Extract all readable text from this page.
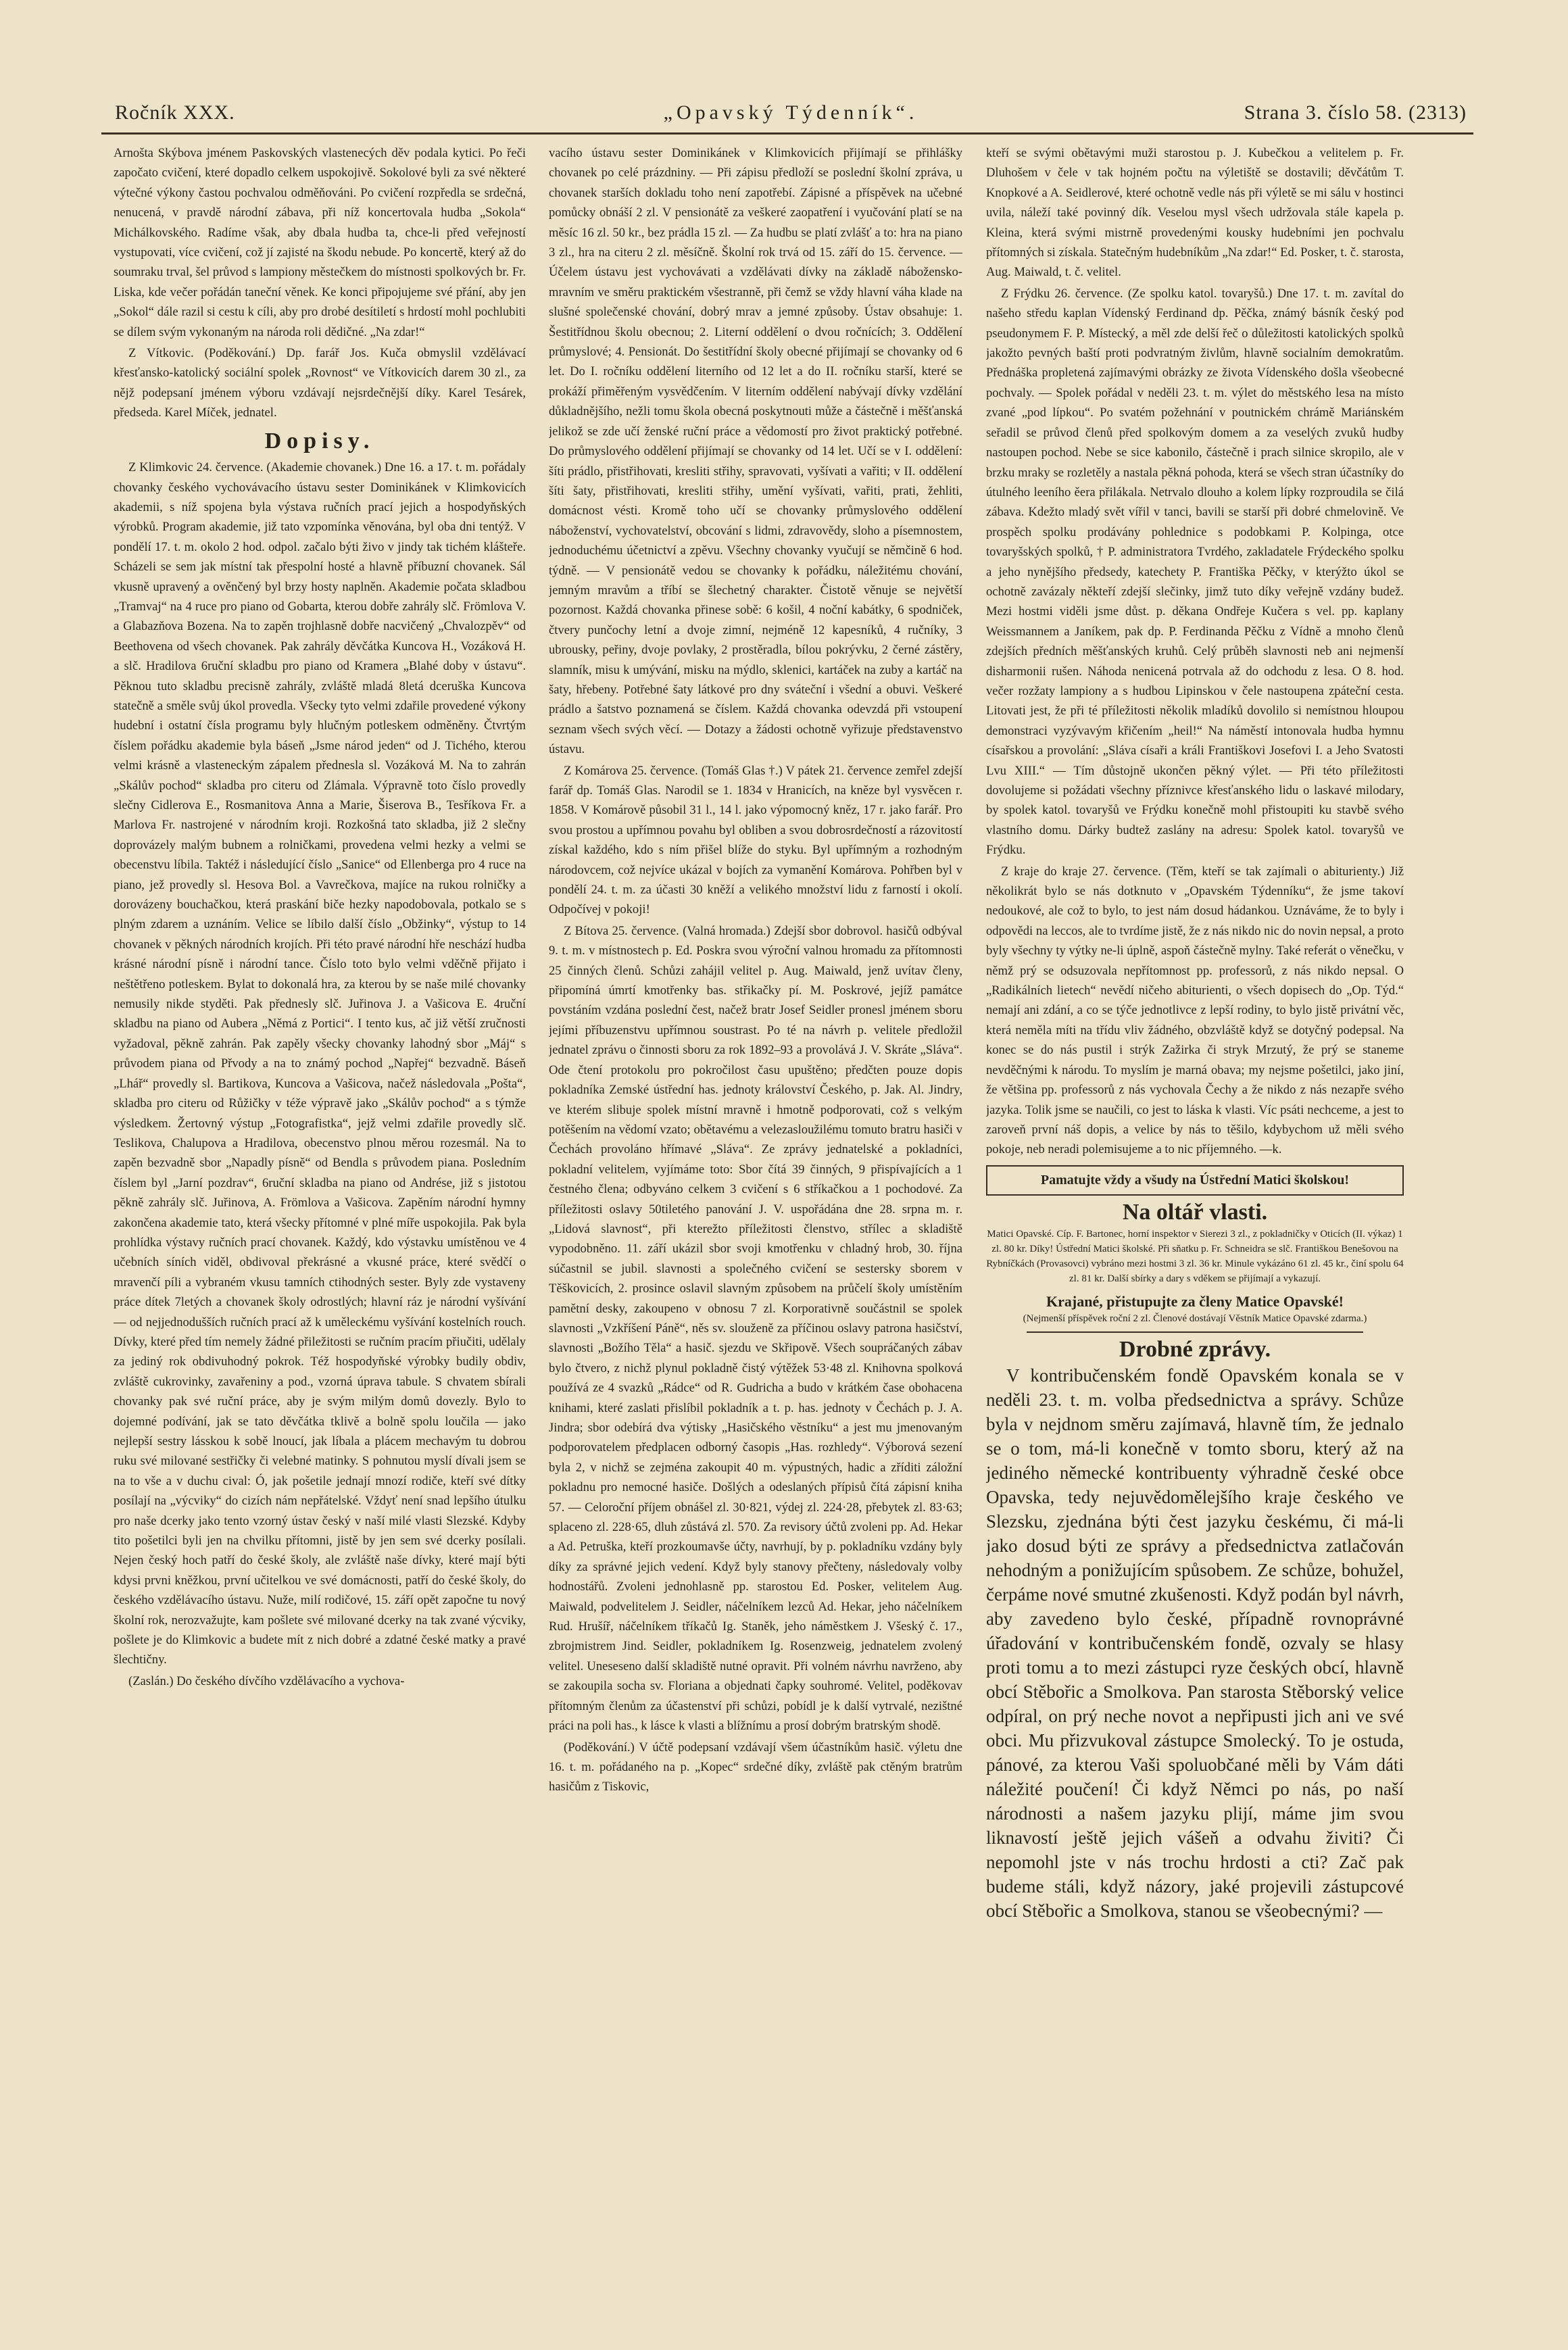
Ročník XXX.	„Opavský Týdenník“.	Strana 3. číslo 58. (2313)

Arnošta Skýbova jménem Paskovských vlastenecých děv podala kytici. Po řeči započato cvičení, které dopadlo celkem uspokojivě. Sokolové byli za své některé výtečné výkony častou pochvalou odměňováni. Po cvičení rozpředla se srdečná, nenucená, v pravdě národní zábava, při níž koncertovala hudba „Sokola“ Michálkovského. Radíme však, aby dbala hudba ta, chce-li před veřejností vystupovati, více cvičení, což jí zajisté na škodu nebude. Po koncertě, který až do soumraku trval, šel průvod s lampiony městečkem do místnosti spolkových br. Fr. Liska, kde večer pořádán taneční věnek. Ke konci připojujeme své přání, aby jen „Sokol“ dále razil si cestu k cíli, aby pro drobé desítiletí s hrdostí mohl pochlubiti se dílem svým vykonaným na národa roli dědičné. „Na zdar!“

Z Vítkovic. (Poděkování.) Dp. farář Jos. Kuča obmyslil vzdělávací křesťansko-katolický sociální spolek „Rovnost“ ve Vítkovicích darem 30 zl., za nějž podepsaní jménem výboru vzdávají nejsrdečnější díky. Karel Tesárek, předseda. Karel Míček, jednatel.

Dopisy.

Z Klimkovic 24. července. (Akademie chovanek.) Dne 16. a 17. t. m. pořádaly chovanky českého vychovávacího ústavu sester Dominikánek v Klimkovicích akademii, s níž spojena byla výstava ručních prací jejich a hospodyňských výrobků. Program akademie, již tato vzpomínka věnována, byl oba dni tentýž. V pondělí 17. t. m. okolo 2 hod. odpol. začalo býti živo v jindy tak tichém klášteře. Scházeli se sem jak místní tak přespolní hosté a hlavně příbuzní chovanek. Sál vkusně upravený a ověnčený byl brzy hosty naplněn. Akademie počata skladbou „Tramvaj“ na 4 ruce pro piano od Gobarta, kterou dobře zahrály slč. Frömlova V. a Glabazňova Bozena. Na to zapěn trojhlasně dobře nacvičený „Chvalozpěv“ od Beethovena od všech chovanek. Pak zahrály děvčátka Kuncova H., Vozáková H. a slč. Hradilova 6ruční skladbu pro piano od Kramera „Blahé doby v ústavu“. Pěknou tuto skladbu precisně zahrály, zvláště mladá 8letá dceruška Kuncova statečně a směle svůj úkol provedla. Všecky tyto velmi zdařile provedené výkony hudební i ostatní čísla programu byly hlučným potleskem odměněny. Čtvrtým číslem pořádku akademie byla báseň „Jsme národ jeden“ od J. Tichého, kterou velmi krásně a vlasteneckým zápalem přednesla sl. Vozáková M. Na to zahrán „Skálův pochod“ skladba pro citeru od Zlámala. Výpravně toto číslo provedly slečny Cidlerova E., Rosmanitova Anna a Marie, Šiserova B., Tesříkova Fr. a Marlova Fr. nastrojené v národním kroji. Rozkošná tato skladba, již 2 slečny doprovázely malým bubnem a rolničkami, provedena velmi hezky a velmi se obecenstvu líbila. Taktéž i následující číslo „Sanice“ od Ellenberga pro 4 ruce na piano, jež provedly sl. Hesova Bol. a Vavrečkova, majíce na rukou rolničky a dorovázeny bouchačkou, která praskání biče hezky napodobovala, potkalo se s plným zdarem a uznáním. Velice se líbilo další číslo „Obžinky“, výstup to 14 chovanek v pěkných národních krojích. Při této pravé národní hře neschází hudba krásné národní písně i národní tance. Číslo toto bylo velmi vděčně přijato i neštětřeno potleskem. Bylat to dokonalá hra, za kterou by se naše milé chovanky nemusily nikde styděti. Pak přednesly slč. Juřinova J. a Vašicova E. 4ruční skladbu na piano od Aubera „Němá z Portici“. I tento kus, ač již větší zručnosti vyžadoval, pěkně zahrán. Pak zapěly všecky chovanky lahodný sbor „Máj“ s průvodem piana od Přvody a na to známý pochod „Napřej“ bezvadně. Báseň „Lhář“ provedly sl. Bartikova, Kuncova a Vašicova, načež následovala „Pošta“, skladba pro citeru od Růžičky v téže výpravě jako „Skálův pochod“ a s týmže výsledkem. Žertovný výstup „Fotografistka“, jejž velmi zdařile provedly slč. Teslikova, Chalupova a Hradilova, obecenstvo plnou měrou rozesmál. Na to zapěn bezvadně sbor „Napadly písně“ od Bendla s průvodem piana. Posledním číslem byl „Jarní pozdrav“, 6ruční skladba na piano od Andrése, již s jistotou pěkně zahrály slč. Juřinova, A. Frömlova a Vašicova. Zapěním národní hymny zakončena akademie tato, která všecky přítomné v plné míře uspokojila. Pak byla prohlídka výstavy ručních prací chovanek. Každý, kdo výstavku umístěnou ve 4 učebních síních viděl, obdivoval překrásné a vkusné práce, které svědčí o mravenčí píli a vybraném vkusu tamních ctihodných sester. Byly zde vystaveny práce dítek 7letých a chovanek školy odrostlých; hlavní ráz je národní vyšívání — od nejjednodušších ručních prací až k uměleckému vyšívání kostelních rouch. Dívky, které před tím nemely žádné přiležitosti se ručním pracím přiučiti, udělaly za jediný rok obdivuhodný pokrok. Též hospodyňské výrobky budily obdiv, zvláště cukrovinky, zavařeniny a pod., vzorná úprava tabule. S chvatem sbírali chovanky pak své ruční práce, aby je svým milým domů dovezly. Bylo to dojemné podívání, jak se tato děvčátka tklivě a bolně spolu loučila — jako nejlepší sestry lásskou k sobě lnoucí, jak líbala a plácem mechavým tu dobrou ruku své milované sestřičky či velebné matinky. S pohnutou myslí dívali jsem se na to vše a v duchu cival: Ó, jak pošetile jednají mnozí rodiče, kteří své dítky posílají na „výcviky“ do cizích nám nepřátelské. Vždyť není snad lepšího útulku pro naše dcerky jako tento vzorný ústav český v naší milé vlasti Slezské. Kdyby tito pošetilci byli jen na chvilku přítomni, jistě by jen sem své dcerky posílali. Nejen český hoch patří do české školy, ale zvláště naše dívky, které mají býti kdysi prvni kněžkou, první učitelkou ve své domácnosti, patří do české školy, do českého vzdělávacího ústavu. Nuže, milí rodičové, 15. září opět započne tu nový školní rok, nerozvažujte, kam pošlete své milované dcerky na tak zvané výcviky, pošlete je do Klimkovic a budete mít z nich dobré a zdatné české matky a pravé šlechtičny.

(Zaslán.) Do českého dívčího vzdělávacího a vychova-

vacího ústavu sester Dominikánek v Klimkovicích přijímají se přihlášky chovanek po celé prázdniny. — Při zápisu předloží se poslední školní zpráva, u chovanek starších dokladu toho není zapotřebí. Zápisné a příspěvek na učebné pomůcky obnáší 2 zl. V pensionátě za veškeré zaopatření i vyučování platí se na měsíc 16 zl. 50 kr., bez prádla 15 zl. — Za hudbu se platí zvlášť a to: hra na piano 3 zl., hra na citeru 2 zl. měsíčně. Školní rok trvá od 15. září do 15. července. — Účelem ústavu jest vychovávati a vzdělávati dívky na základě nábožensko-mravním ve směru praktickém všestranně, při čemž se vždy hlavní váha klade na slušné společenské chování, dobrý mrav a jemné způsoby. Ústav obsahuje: 1. Šestitřídnou školu obecnou; 2. Literní oddělení o dvou ročnících; 3. Oddělení průmyslové; 4. Pensionát. Do šestitřídní školy obecné přijímají se chovanky od 6 let. Do I. ročníku oddělení literního od 12 let a do II. ročníku starší, které se prokáží přiměřeným vysvědčením. V literním oddělení nabývají dívky vzdělání důkladnějšího, nežli tomu škola obecná poskytnouti může a částečně i měšťanská jelikož se zde učí ženské ruční práce a vědomostí pro život praktický potřebné. Do průmyslového oddělení přijímají se chovanky od 14 let. Učí se v I. oddělení: šíti prádlo, přistřihovati, kresliti střihy, spravovati, vyšívati a vařiti; v II. oddělení šíti šaty, přistřihovati, kresliti střihy, umění vyšívati, vařiti, prati, žehliti, domácnost vésti. Kromě toho učí se chovanky průmyslového oddělení náboženství, vychovatelství, obcování s lidmi, zdravovědy, sloho a písemnostem, jednoduchému účetnictví a zpěvu. Všechny chovanky vyučují se němčině 6 hod. týdně. — V pensionátě vedou se chovanky k pořádku, náležitému chování, jemným mravům a tříbí se šlechetný charakter. Čistotě věnuje se největší pozornost. Každá chovanka přinese sobě: 6 košil, 4 noční kabátky, 6 spodniček, čtvery punčochy letní a dvoje zimní, nejméně 12 kapesníků, 4 ručníky, 3 ubrousky, peřiny, dvoje povlaky, 2 prostěradla, bílou pokrývku, 2 černé zástěry, slamník, misu k umývání, misku na mýdlo, sklenici, kartáček na zuby a kartáč na šaty, hřebeny. Potřebné šaty látkové pro dny sváteční i všední a obuvi. Veškeré prádlo a šatstvo poznamená se číslem. Každá chovanka odevzdá při vstoupení seznam všech svých věcí. — Dotazy a žádosti ochotně vyřizuje představenstvo ústavu.

Z Komárova 25. července. (Tomáš Glas †.) V pátek 21. července zemřel zdejší farář dp. Tomáš Glas. Narodil se 1. 1834 v Hranicích, na kněze byl vysvěcen r. 1858. V Komárově působil 31 l., 14 l. jako výpomocný kněz, 17 r. jako farář. Pro svou prostou a upřímnou povahu byl obliben a svou dobrosrdečností a rázovitostí získal každého, kdo s ním přišel blíže do styku. Byl upřímným a rozhodným národovcem, což nejvíce ukázal v bojích za vymanění Komárova. Pohřben byl v pondělí 24. t. m. za účasti 30 kněží a velikého množství lidu z farností i okolí. Odpočívej v pokoji!

Z Bítova 25. července. (Valná hromada.) Zdejší sbor dobrovol. hasičů odbýval 9. t. m. v místnostech p. Ed. Poskra svou výroční valnou hromadu za přítomnosti 25 činných členů. Schůzi zahájil velitel p. Aug. Maiwald, jenž uvítav členy, připomíná úmrtí kmotřenky bas. střikačky pí. M. Poskrové, jejíž památce povstáním vzdána poslední čest, načež bratr Josef Seidler pronesl jménem sboru jejími příbuzenstvu upřímnou soustrast. Po té na návrh p. velitele předložil jednatel zprávu o činnosti sboru za rok 1892–93 a provolává J. V. Skráte „Sláva“. Ode čtení protokolu pro pokročilost času upuštěno; předčten pouze dopis pokladníka Zemské ústřední has. jednoty království Českého, p. Jak. Al. Jindry, ve kterém slibuje spolek místní mravně i hmotně podporovati, což s velkým potěšením na vědomí vzato; obětavému a velezasloužilému tomuto bratru hasiči v Čechách provoláno hřímavé „Sláva“. Ze zprávy jednatelské a pokladníci, pokladní velitelem, vyjímáme toto: Sbor čítá 39 činných, 9 přispívajících a 1 čestného člena; odbyváno celkem 3 cvičení s 6 stříkačkou a 1 pochodové. Za příležitosti oslavy 50tiletého panování J. V. uspořádána dne 28. srpna m. r. „Lidová slavnost“, při kterežto příležitosti členstvo, střílec a skladiště vypodobněno. 11. září ukázil sbor svoji kmotřenku v chladný hrob, 30. října súčastnil se jubil. slavnosti a společného cvičení se sestersky sborem v Těškovicích, 2. prosince oslavil slavným způsobem na průčelí školy umístěním pamětní desky, zakoupeno v obnosu 7 zl. Korporativně součástnil se spolek slavnosti „Vzkříšení Páně“, něs sv. slouženě za příčinou oslavy patrona hasičství, slavnosti „Božího Těla“ a hasič. sjezdu ve Skřipově. Všech soupráčaných zábav bylo čtvero, z nichž plynul pokladně čistý výtěžek 53·48 zl. Knihovna spolková používá ze 4 svazků „Rádce“ od R. Gudricha a budo v krátkém čase obohacena knihami, které zaslati přislíbil pokladník a t. p. has. jednoty v Čechách p. J. A. Jindra; sbor odebírá dva výtisky „Hasičského věstníku“ a jest mu jmenovaným podporovatelem předplacen odborný časopis „Has. rozhledy“. Výborová sezení byla 2, v nichž se zejména zakoupit 40 m. výpustných, hadic a zříditi záložní pokladnu pro nemocné hasiče. Došlých a odeslaných přípisů čítá zápisní kniha 57. — Celoroční příjem obnášel zl. 30·821, výdej zl. 224·28, přebytek zl. 83·63; splaceno zl. 228·65, dluh zůstává zl. 570. Za revisory účtů zvoleni pp. Ad. Hekar a Ad. Petruška, kteří prozkoumavše účty, navrhují, by p. pokladníku vzdány byly díky za správné jejich vedení. Když byly stanovy přečteny, následovaly volby hodnostářů. Zvoleni jednohlasně pp. starostou Ed. Posker, velitelem Aug. Maiwald, podvelitelem J. Seidler, náčelníkem lezců Ad. Hekar, jeho náčelníkem Rud. Hrušíř, náčelníkem tříkačů Ig. Staněk, jeho náměstkem J. Všeský č. 17., zbrojmistrem Jind. Seidler, pokladníkem Ig. Rosenzweig, jednatelem zvolený velitel. Uneseseno další skladiště nutné opravit. Při volném návrhu navrženo, aby se zakoupila socha sv. Floriana a objednati čapky souhromé. Velitel, poděkovav přítomným členům za účastenství při schůzi, pobídl je k další vytrvalé, nezištné práci na poli has., k lásce k vlasti a blížnímu a prosí dobrým bratrským shodě.

(Poděkování.) V účtě podepsaní vzdávají všem účastníkům hasič. výletu dne 16. t. m. pořádaného na p. „Kopec“ srdečné díky, zvláště pak ctěným bratrům hasičům z Tiskovic,

kteří se svými obětavými muži starostou p. J. Kubečkou a velitelem p. Fr. Dluhošem v čele v tak hojném počtu na výletiště se dostavili; děvčátům T. Knopkové a A. Seidlerové, které ochotně vedle nás při výletě se mi sálu v hostinci uvila, náleží také povinný dík. Veselou mysl všech udržovala stále kapela p. Kleina, která svými mistrně provedenými kousky hudebními jen pochvalu přítomných si získala. Statečným hudebníkům „Na zdar!“ Ed. Posker, t. č. starosta, Aug. Maiwald, t. č. velitel.

Z Frýdku 26. července. (Ze spolku katol. tovaryšů.) Dne 17. t. m. zavítal do našeho středu kaplan Vídenský Ferdinand dp. Pěčka, známý básník český pod pseudonymem F. P. Místecký, a měl zde delší řeč o důležitosti katolických spolků jakožto pevných baští proti podvratným živlům, hlavně socialním demokratům. Přednáška propletená zajímavými obrázky ze života Vídenského došla všeobecné pochvaly. — Spolek pořádal v neděli 23. t. m. výlet do městského lesa na místo zvané „pod lípkou“. Po svatém požehnání v poutnickém chrámě Mariánském seřadil se průvod členů před spolkovým domem a za veselých zvuků hudby nastoupen pochod. Nebe se sice kabonilo, částečně i prach silnice skropilo, ale v brzku mraky se rozletěly a nastala pěkná pohoda, která se všech stran účastníky do útulného leeního ěera přilákala. Netrvalo dlouho a kolem lípky rozproudila se čilá zábava. Kdežto mladý svět vířil v tanci, bavili se starší při dobré chmelovině. Ve prospěch spolku prodávány pohlednice s podobkami P. Kolpinga, otce tovaryšských spolků, † P. administratora Tvrdého, zakladatele Frýdeckého spolku a jeho nynějšího předsedy, katechety P. Františka Pěčky, v kterýžto úkol se ochotně zavázaly někteří zdejší slečinky, jimž tuto díky veřejně vzdány budež. Mezi hostmi viděli jsme důst. p. děkana Ondřeje Kučera s vel. pp. kaplany Weissmannem a Janíkem, pak dp. P. Ferdinanda Pěčku z Vídně a mnoho členů zdejších předních měšťanských kruhů. Celý průběh slavnosti neb ani nejmenší disharmonii rušen. Náhoda nenicená potrvala až do odchodu z lesa. O 8. hod. večer rozžaty lampiony a s hudbou Lipinskou v čele nastoupena zpáteční cesta. Litovati jest, že při té příležitosti několik mladíků dovolilo si nemístnou hloupou demonstraci vyzývavým křičením „heil!“ Na náměstí intonovala hudba hymnu císařskou a provolání: „Sláva císaři a králi Františkovi Josefovi I. a Jeho Svatosti Lvu XIII.“ — Tím důstojně ukončen pěkný výlet. — Při této příležitosti dovolujeme si požádati všechny příznivce křesťanského lidu o laskavé milodary, by spolek katol. tovaryšů ve Frýdku konečně mohl přistoupiti ku stavbě svého vlastního domu. Dárky budtež zaslány na adresu: Spolek katol. tovaryšů ve Frýdku.

Z kraje do kraje 27. července. (Těm, kteří se tak zajímali o abiturienty.) Již několikrát bylo se nás dotknuto v „Opavském Týdenníku“, že jsme takoví nedoukové, ale což to bylo, to jest nám dosud hádankou. Uznáváme, že to byly i odpovědi na leccos, ale to tvrdíme jistě, že z nás nikdo nic do novin nepsal, a proto byly všechny ty výtky ne-li úplně, aspoň částečně mylny. Také referát o věnečku, v němž prý se odsuzovala nepřítomnost pp. professorů, z nás nikdo nepsal. O „Radikálních lietech“ nevědí ničeho abiturienti, o všech dopisech do „Op. Týd.“ nemají ani zdání, a co se týče jednotlivce z lepší rodiny, to bylo jistě privátní věc, která neměla míti na třídu vliv žádného, obzvláště když se dotyčný podepsal. Na konec se do nás pustil i strýk Zažirka či stryk Mrzutý, že prý se staneme nevděčnými k národu. To myslím je marná obava; my nejsme pošetilci, jako jiní, že většina pp. professorů z nás vychovala Čechy a že nikdo z nás nezapře svého jazyka. Tolik jsme se naučili, co jest to láska k vlasti. Víc psáti nechceme, a jest to zaroveň první náš dopis, a velice by nás to těšilo, kdybychom už měli svého pokoje, neb neradi polemisujeme a to nic příjemného. —k.

Pamatujte vždy a všudy na Ústřední Matici školskou!
Na oltář vlasti.
Matici Opavské. Cíp. F. Bartonec, horní inspektor v Sierezi 3 zl., z pokladničky v Oticích (II. výkaz) 1 zl. 80 kr. Díky! Ústřední Matici školské. Při sňatku p. Fr. Schneidra se slč. Františkou Benešovou na Rybníčkách (Provasovci) vybráno mezi hostmi 3 zl. 36 kr. Minule vykázáno 61 zl. 45 kr., činí spolu 64 zl. 81 kr. Další sbírky a dary s vděkem se přijímají a vykazují.
Krajané, přistupujte za členy Matice Opavské!
(Nejmenší příspěvek roční 2 zl. Členové dostávají Věstník Matice Opavské zdarma.)
Drobné zprávy.

V kontribučenském fondě Opavském konala se v neděli 23. t. m. volba předsednictva a správy. Schůze byla v nejdnom směru zajímavá, hlavně tím, že jednalo se o tom, má-li konečně v tomto sboru, který až na jediného německé kontribuenty výhradně české obce Opavska, tedy nejuvědomělejšího kraje českého ve Slezsku, zjednána býti čest jazyku českému, či má-li jako dosud býti ze správy a předsednictva zatlačován nehodným a ponižujícím spůsobem. Ze schůze, bohužel, čerpáme nové smutné zkušenosti. Když podán byl návrh, aby zavedeno bylo české, případně rovnoprávné úřadování v kontribučenském fondě, ozvaly se hlasy proti tomu a to mezi zástupci ryze českých obcí, hlavně obcí Stěbořic a Smolkova. Pan starosta Stěborský velice odpíral, on prý neche novot a nepřipusti jich ani ve své obci. Mu přizvukoval zástupce Smolecký. To je ostuda, pánové, za kterou Vaši spoluobčané měli by Vám dáti náležité poučení! Či když Němci po nás, po naší národnosti a našem jazyku plijí, máme jim svou liknavostí ještě jejich vášeň a odvahu živiti? Či nepomohl jste v nás trochu hrdosti a cti? Zač pak budeme stáli, když názory, jaké projevili zástupcové obcí Stěbořic a Smolkova, stanou se všeobecnými? —
